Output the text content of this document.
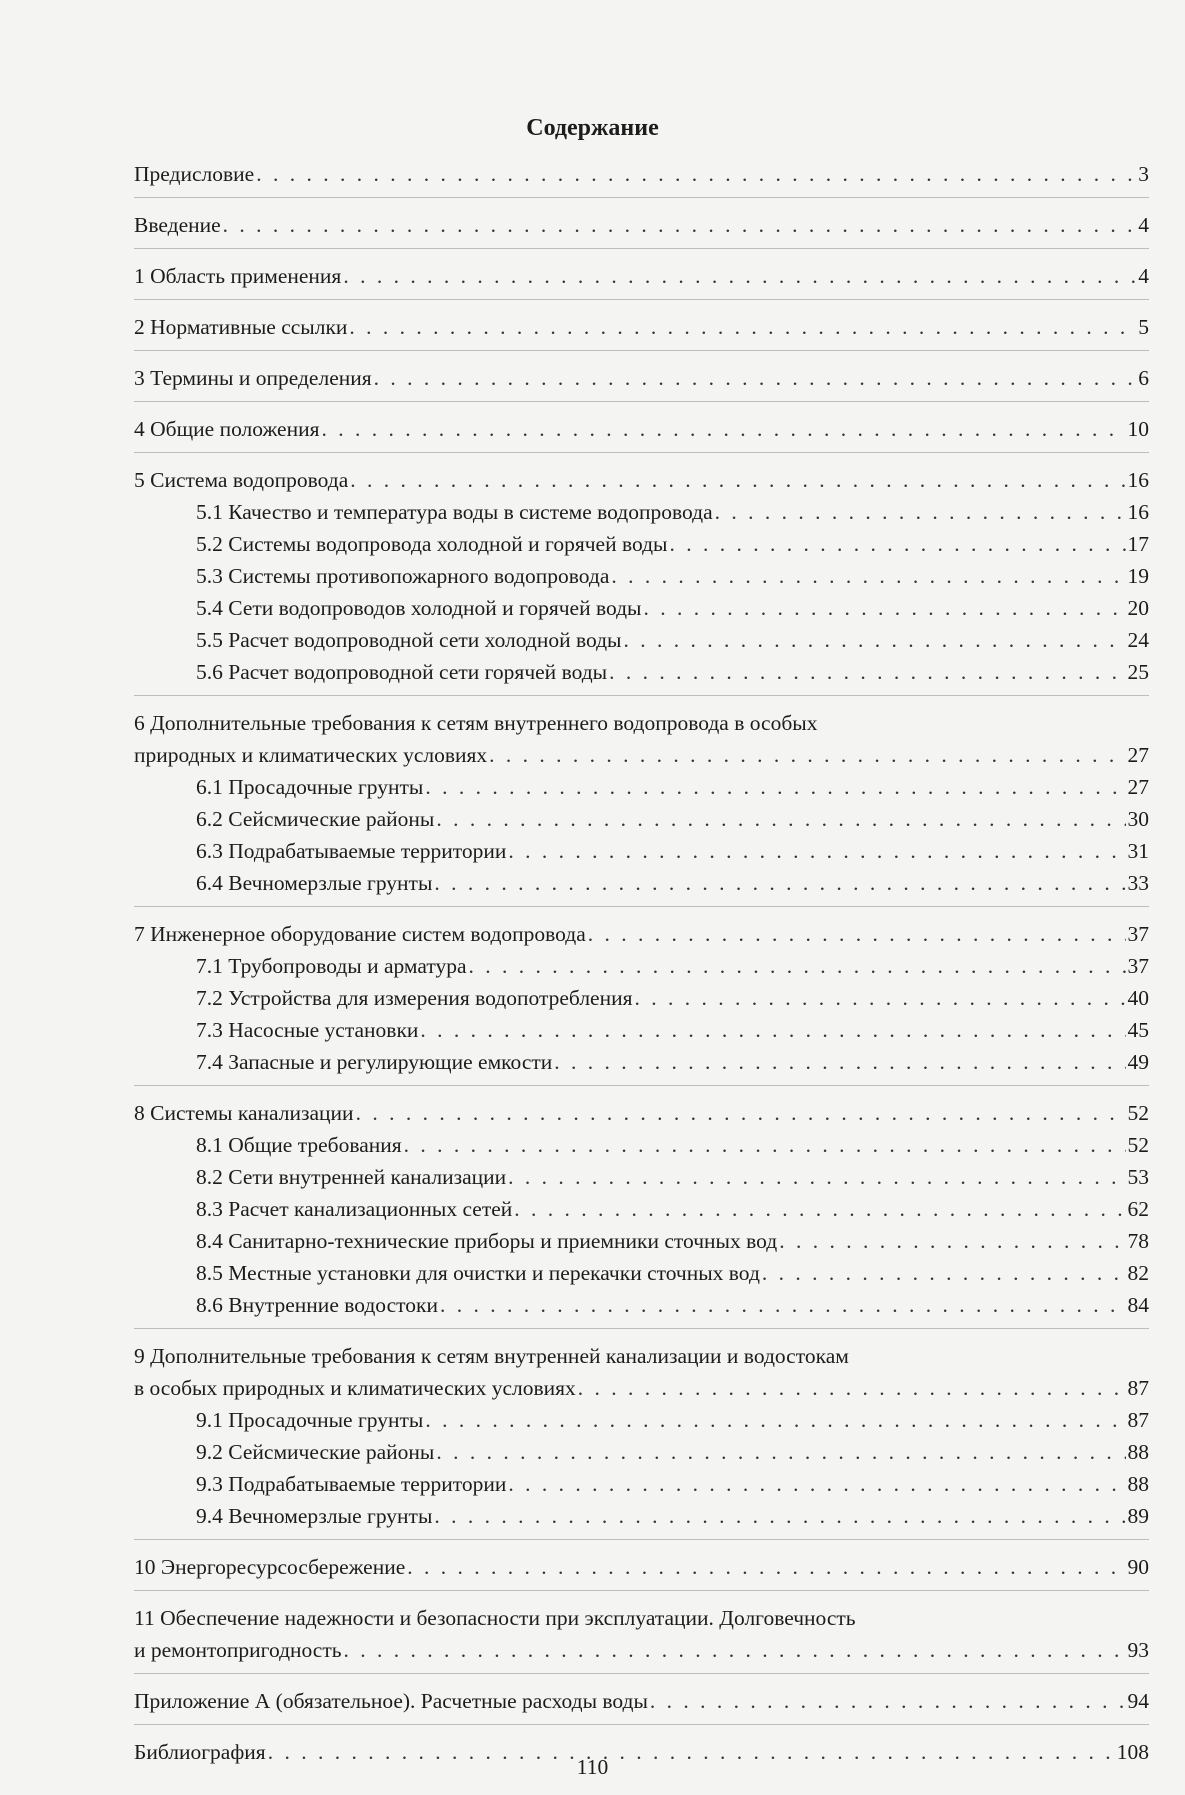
Содержание
Предисловие . . .	3
Введение . . .	4
1 Область применения . . .	4
2 Нормативные ссылки . . .	5
3 Термины и определения . . .	6
4 Общие положения . . .	10
5 Система водопровода . . .	16
5.1 Качество и температура воды в системе водопровода . . .	16
5.2 Системы водопровода холодной и горячей воды . . .	17
5.3 Системы противопожарного водопровода . . .	19
5.4 Сети водопроводов холодной и горячей воды . . .	20
5.5 Расчет водопроводной сети холодной воды . . .	24
5.6 Расчет водопроводной сети горячей воды . . .	25
6 Дополнительные требования к сетям внутреннего водопровода в особых
природных и климатических условиях . . .	27
6.1 Просадочные грунты . . .	27
6.2 Сейсмические районы . . .	30
6.3 Подрабатываемые территории . . .	31
6.4 Вечномерзлые грунты . . .	33
7 Инженерное оборудование систем водопровода . . .	37
7.1 Трубопроводы и арматура . . .	37
7.2 Устройства для измерения водопотребления . . .	40
7.3 Насосные установки . . .	45
7.4 Запасные и регулирующие емкости . . .	49
8 Системы канализации . . .	52
8.1 Общие требования . . .	52
8.2 Сети внутренней канализации . . .	53
8.3 Расчет канализационных сетей . . .	62
8.4 Санитарно-технические приборы и приемники сточных вод . . .	78
8.5 Местные установки для очистки и перекачки сточных вод . . .	82
8.6 Внутренние водостоки . . .	84
9 Дополнительные требования к сетям внутренней канализации и водостокам
в особых природных и климатических условиях . . .	87
9.1 Просадочные грунты . . .	87
9.2 Сейсмические районы . . .	88
9.3 Подрабатываемые территории . . .	88
9.4 Вечномерзлые грунты . . .	89
10 Энергоресурсосбережение . . .	90
11 Обеспечение надежности и безопасности при эксплуатации. Долговечность
и ремонтопригодность . . .	93
Приложение А (обязательное). Расчетные расходы воды . . .	94
Библиография . . .	108
110
